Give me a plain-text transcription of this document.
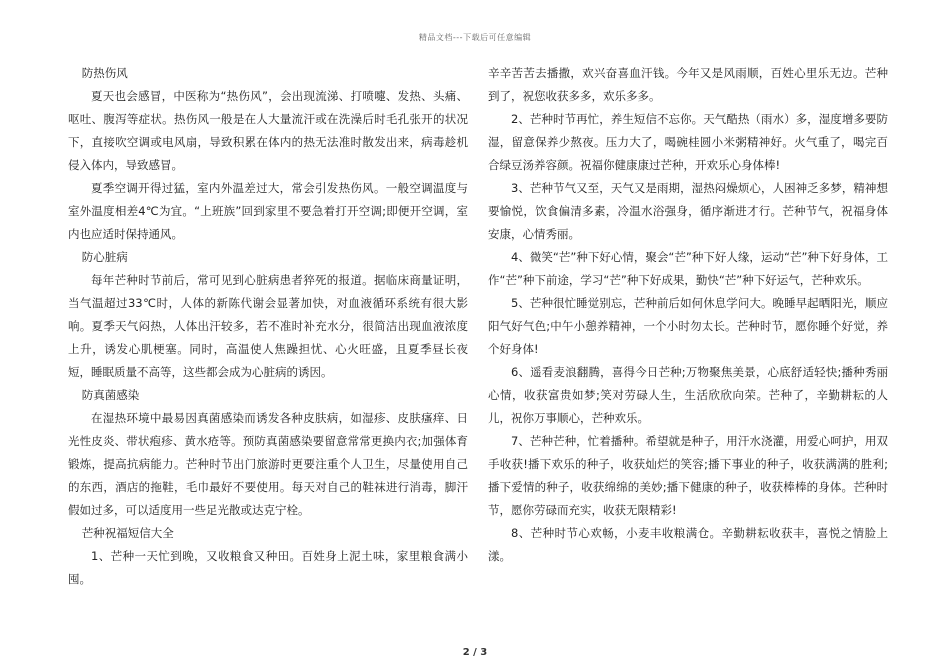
精品文档---下载后可任意编辑

防热伤风

夏天也会感冒，中医称为“热伤风”，会出现流涕、打喷嚏、发热、头痛、呕吐、腹泻等症状。热伤风一般是在人大量流汗或在洗澡后时毛孔张开的状况下，直接吹空调或电风扇，导致积累在体内的热无法准时散发出来，病毒趁机侵入体内，导致感冒。

夏季空调开得过猛，室内外温差过大，常会引发热伤风。一般空调温度与室外温度相差4℃为宜。“上班族”回到家里不要急着打开空调;即便开空调，室内也应适时保持通风。

防心脏病

每年芒种时节前后，常可见到心脏病患者猝死的报道。据临床商量证明，当气温超过33℃时，人体的新陈代谢会显著加快，对血液循环系统有很大影响。夏季天气闷热，人体出汗较多，若不准时补充水分，很简洁出现血液浓度上升，诱发心肌梗塞。同时，高温使人焦躁担忧、心火旺盛，且夏季昼长夜短，睡眠质量不高等，这些都会成为心脏病的诱因。

防真菌感染

在湿热环境中最易因真菌感染而诱发各种皮肤病，如湿疹、皮肤瘙痒、日光性皮炎、带状疱疹、黄水疮等。预防真菌感染要留意常常更换内衣;加强体育锻炼，提高抗病能力。芒种时节出门旅游时更要注重个人卫生，尽量使用自己的东西，酒店的拖鞋，毛巾最好不要使用。每天对自己的鞋袜进行消毒，脚汗假如过多，可以适度用一些足光散或达克宁栓。

芒种祝福短信大全

1、芒种一天忙到晚，又收粮食又种田。百姓身上泥土味，家里粮食满小囤。

辛辛苦苦去播撒，欢兴奋喜血汗钱。今年又是风雨顺，百姓心里乐无边。芒种到了，祝您收获多多，欢乐多多。

2、芒种时节再忙，养生短信不忘你。天气酷热（雨水）多，湿度增多要防湿，留意保养少熬夜。压力大了，喝碗桂圆小米粥精神好。火气重了，喝完百合绿豆汤养容颜。祝福你健康康过芒种，开欢乐心身体棒!

3、芒种节气又至，天气又是雨期，湿热闷燥烦心，人困神乏多梦，精神想要愉悦，饮食偏清多素，冷温水浴强身，循序渐进才行。芒种节气，祝福身体安康，心情秀丽。

4、微笑“芒”种下好心情，聚会“芒”种下好人缘，运动“芒”种下好身体，工作“芒”种下前途，学习“芒”种下好成果，勤快“芒”种下好运气，芒种欢乐。

5、芒种很忙睡觉别忘，芒种前后如何休息学问大。晚睡早起晒阳光，顺应阳气好气色;中午小憩养精神，一个小时勿太长。芒种时节，愿你睡个好觉，养个好身体!

6、遥看麦浪翻腾，喜得今日芒种;万物聚焦美景，心底舒适轻快;播种秀丽心情，收获富贵如梦;笑对劳碌人生，生活欣欣向荣。芒种了，辛勤耕耘的人儿，祝你万事顺心，芒种欢乐。

7、芒种芒种，忙着播种。希望就是种子，用汗水浇灌，用爱心呵护，用双手收获!播下欢乐的种子，收获灿烂的笑容;播下事业的种子，收获满满的胜利;播下爱情的种子，收获绵绵的美妙;播下健康的种子，收获棒棒的身体。芒种时节，愿你劳碌而充实，收获无限精彩!

8、芒种时节心欢畅，小麦丰收粮满仓。辛勤耕耘收获丰，喜悦之情脸上漾。

2 / 3
